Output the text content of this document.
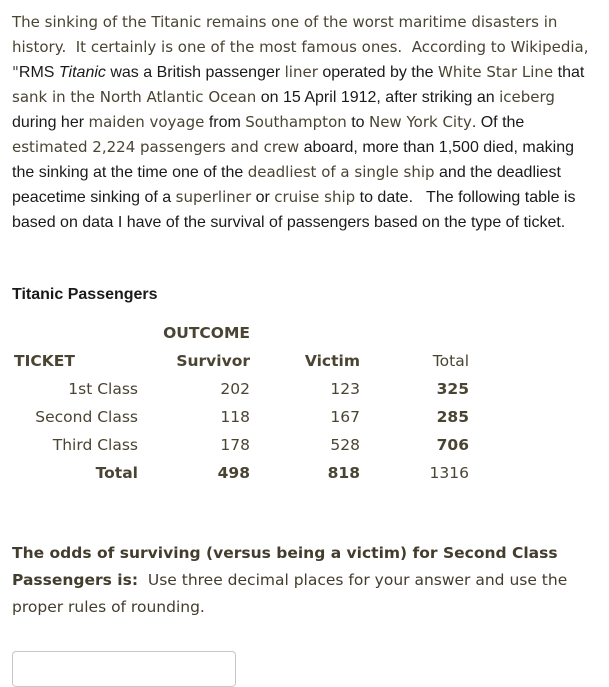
The sinking of the Titanic remains one of the worst maritime disasters in history.  It certainly is one of the most famous ones.  According to Wikipedia, "RMS Titanic was a British passenger liner operated by the White Star Line that sank in the North Atlantic Ocean on 15 April 1912, after striking an iceberg during her maiden voyage from Southampton to New York City. Of the estimated 2,224 passengers and crew aboard, more than 1,500 died, making the sinking at the time one of the deadliest of a single ship and the deadliest peacetime sinking of a superliner or cruise ship to date.   The following table is based on data I have of the survival of passengers based on the type of ticket.

Titanic Passengers
	OUTCOME		
TICKET	Survivor	Victim	Total
1st Class	202	123	325
Second Class	118	167	285
Third Class	178	528	706
Total	498	818	1316

The odds of surviving (versus being a victim) for Second Class Passengers is:  Use three decimal places for your answer and use the proper rules of rounding.
